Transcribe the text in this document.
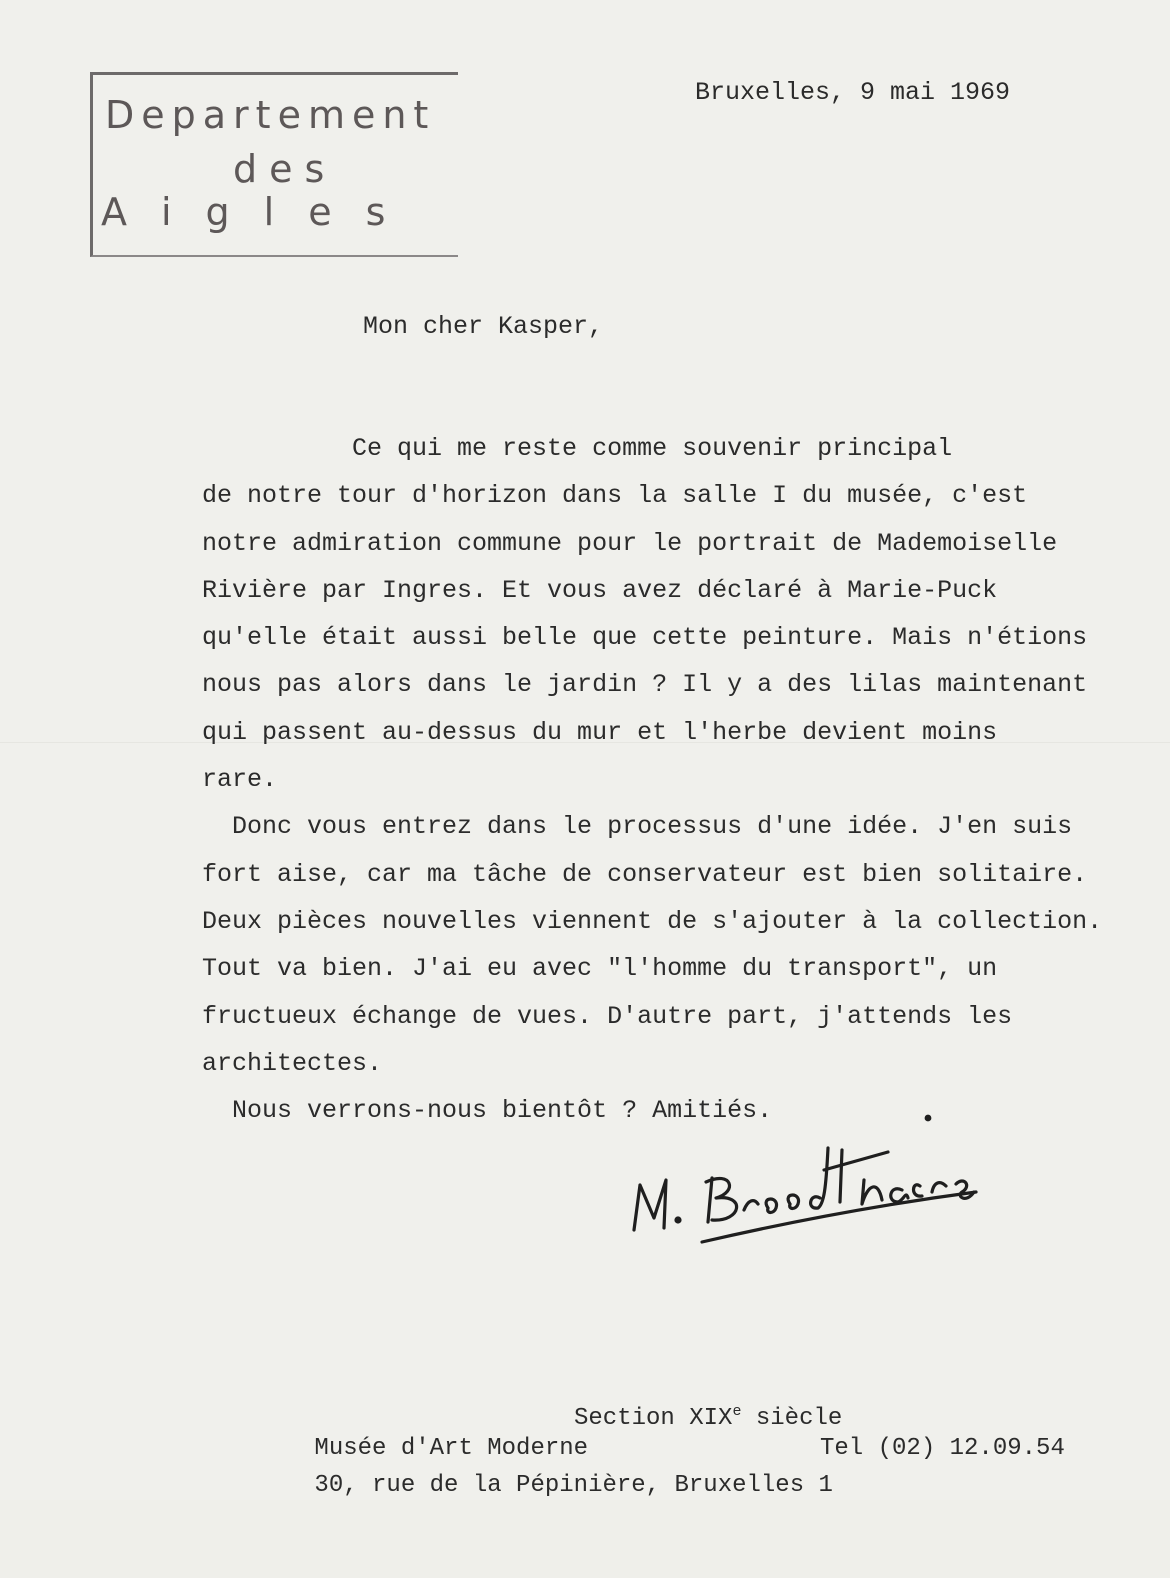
Departement
des
Aigles
Bruxelles, 9 mai 1969
Mon cher Kasper,
Ce qui me reste comme souvenir principal
de notre tour d'horizon dans la salle I du musée, c'est
notre admiration commune pour le portrait de Mademoiselle
Rivière par Ingres. Et vous avez déclaré à Marie-Puck
qu'elle était aussi belle que cette peinture. Mais n'étions
nous pas alors dans le jardin ? Il y a des lilas maintenant
qui passent au-dessus du mur et l'herbe devient moins
rare.
Donc vous entrez dans le processus d'une idée. J'en suis
fort aise, car ma tâche de conservateur est bien solitaire.
Deux pièces nouvelles viennent de s'ajouter à la collection.
Tout va bien. J'ai eu avec "l'homme du transport", un
fructueux échange de vues. D'autre part, j'attends les
architectes.
Nous verrons-nous bientôt ? Amitiés.

Musée d'Art Moderne

Section XIXe siècle

30, rue de la Pépinière, Bruxelles 1

Tel (02) 12.09.54
